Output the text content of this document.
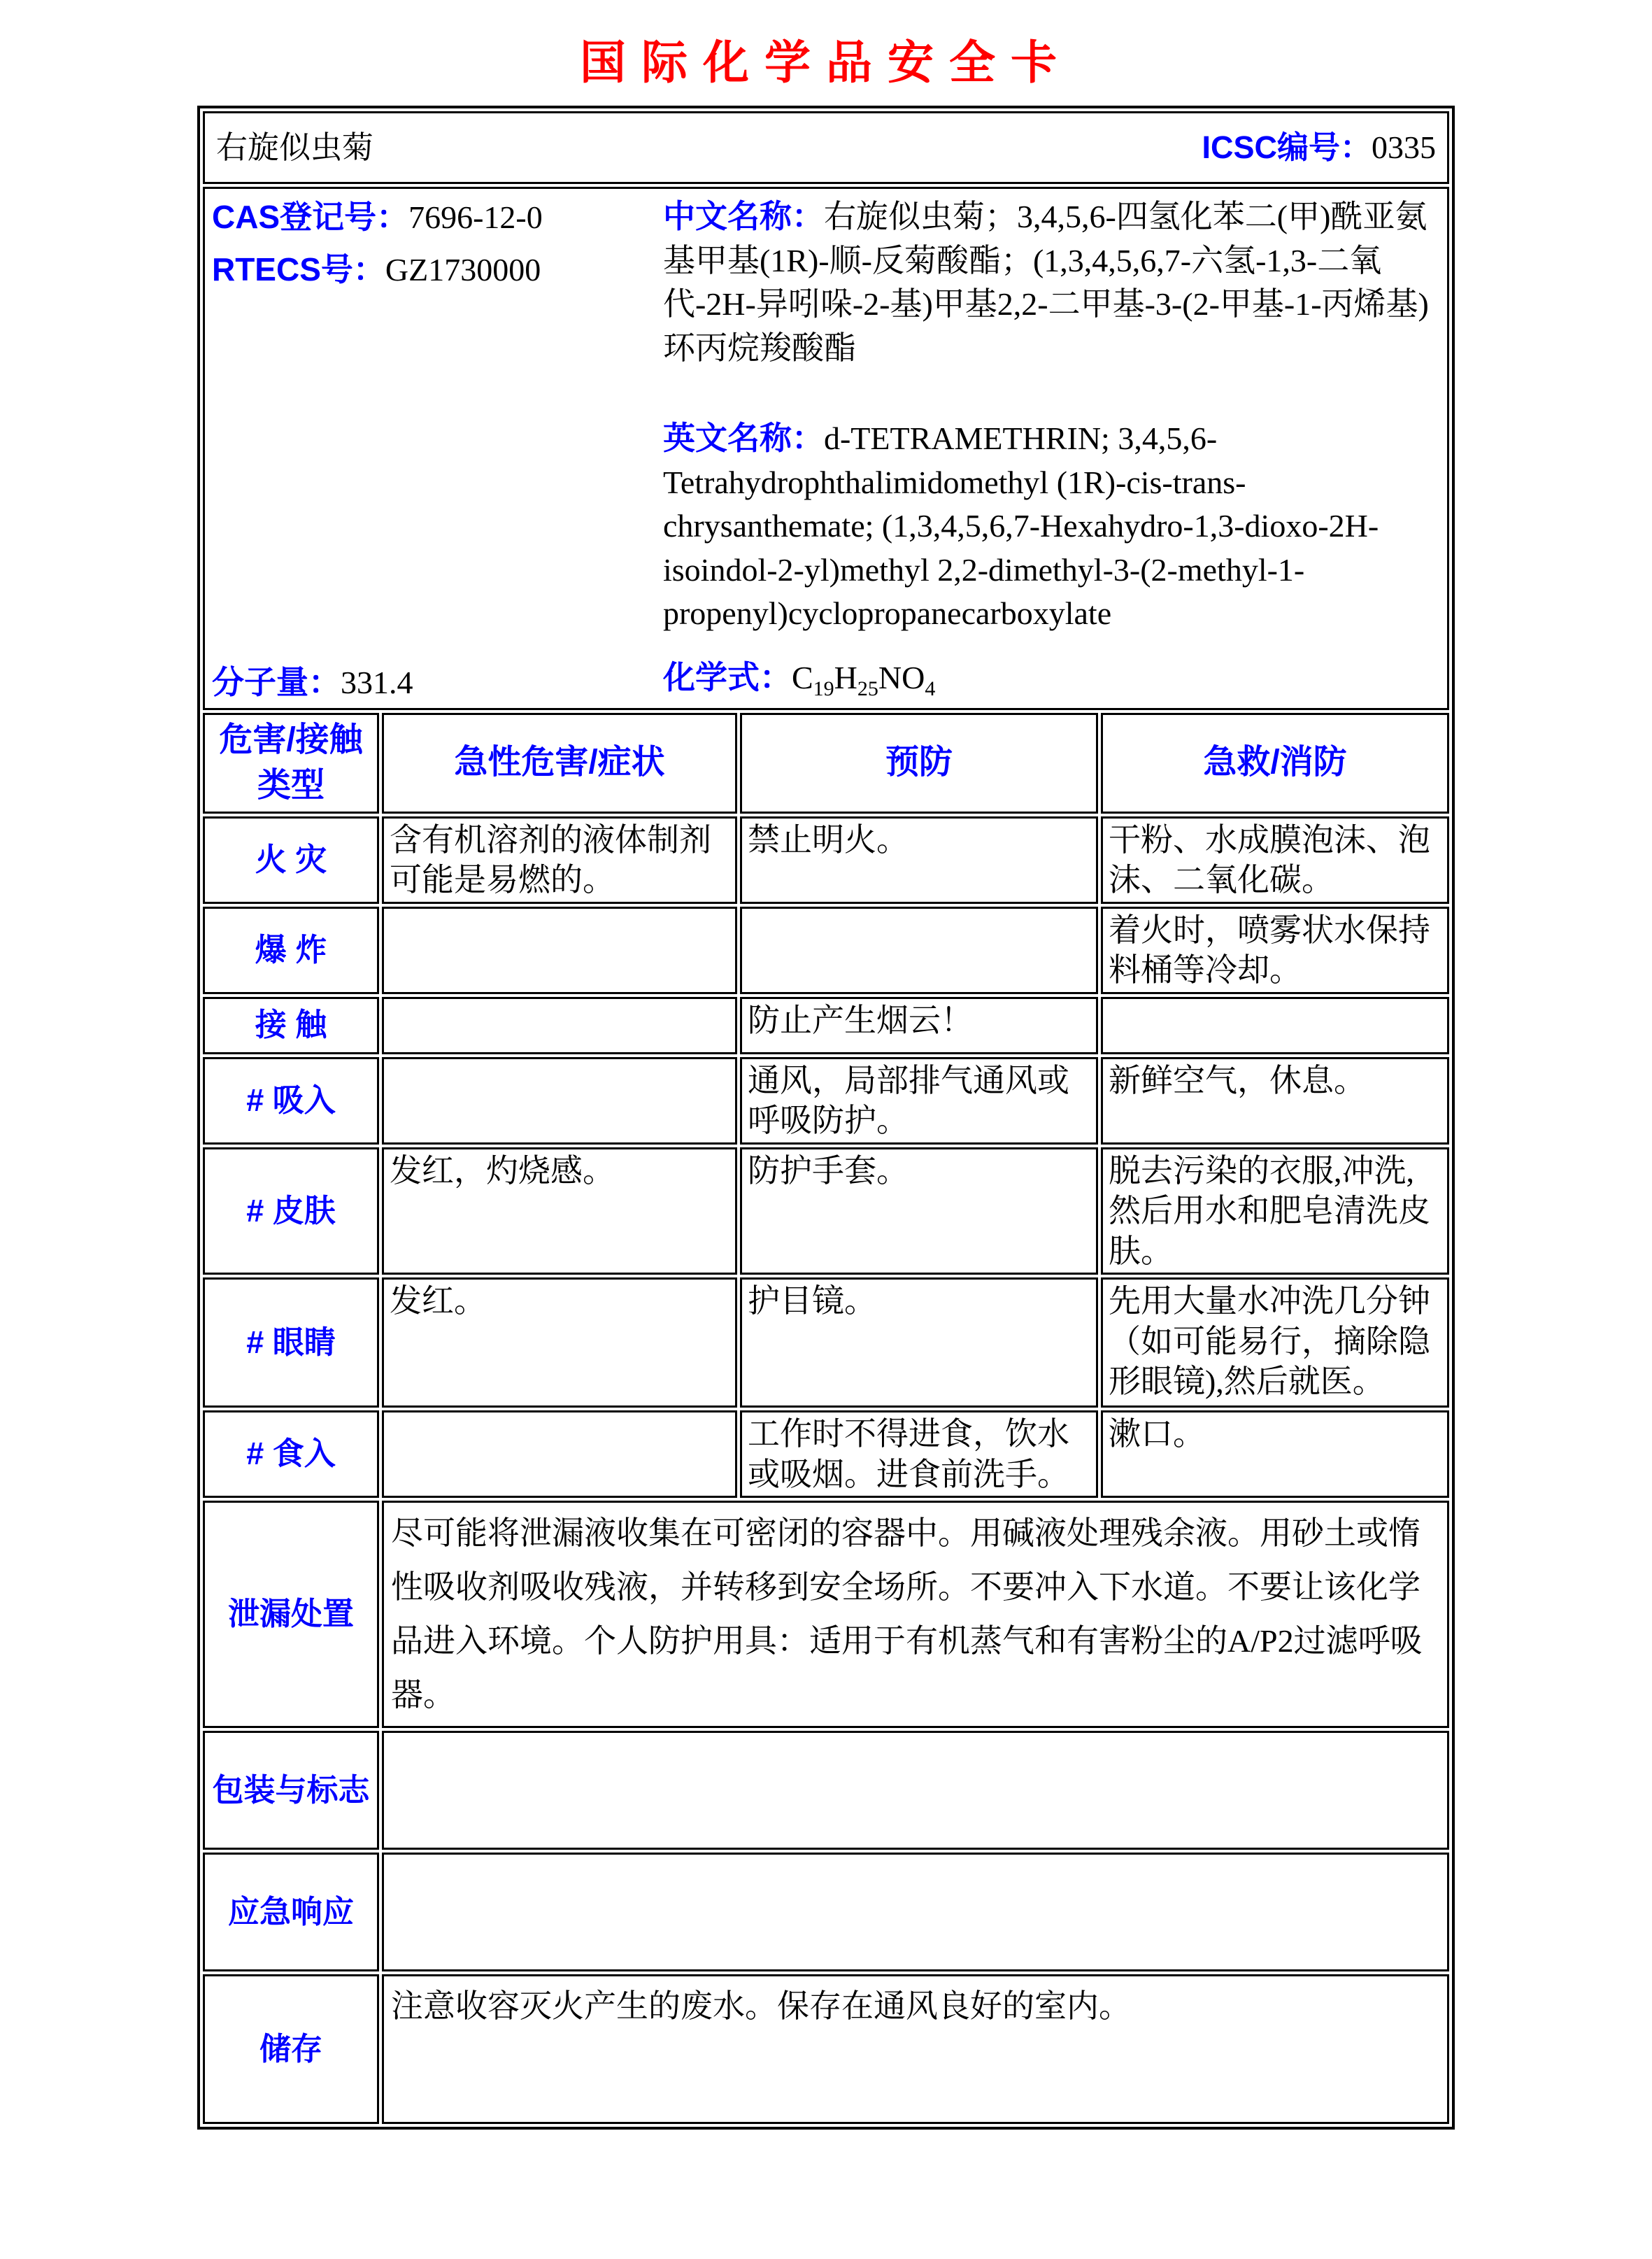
国际化学品安全卡
右旋似虫菊 ICSC编号：0335			

CAS登记号：7696-12-0
RTECS号：GZ1730000
分子量：331.4

中文名称：右旋似虫菊；3,4,5,6-四氢化苯二(甲)酰亚氨基甲基(1R)-顺-反菊酸酯；(1,3,4,5,6,7-六氢-1,3-二氧代-2H-异吲哚-2-基)甲基2,2-二甲基-3-(2-甲基-1-丙烯基)环丙烷羧酸酯

英文名称：d-TETRAMETHRIN; 3,4,5,6-Tetrahydrophthalimidomethyl (1R)-cis-trans-chrysanthemate; (1,3,4,5,6,7-Hexahydro-1,3-dioxo-2H-isoindol-2-yl)methyl 2,2-dimethyl-3-(2-methyl-1-propenyl)cyclopropanecarboxylate

化学式：$C_{19}H_{25}NO_4$

危害/接触类型	急性危害/症状	预防	急救/消防
火 灾	含有机溶剂的液体制剂可能是易燃的。	禁止明火。	干粉、水成膜泡沫、泡沫、二氧化碳。
爆 炸			着火时，喷雾状水保持料桶等冷却。
接 触		防止产生烟云！	
# 吸入		通风，局部排气通风或呼吸防护。	新鲜空气，休息。
# 皮肤	发红，灼烧感。	防护手套。	脱去污染的衣服,冲洗,然后用水和肥皂清洗皮肤。
# 眼睛	发红。	护目镜。	先用大量水冲洗几分钟（如可能易行，摘除隐形眼镜),然后就医。
# 食入		工作时不得进食，饮水或吸烟。进食前洗手。	漱口。
泄漏处置	尽可能将泄漏液收集在可密闭的容器中。用碱液处理残余液。用砂土或惰性吸收剂吸收残液，并转移到安全场所。不要冲入下水道。不要让该化学品进入环境。个人防护用具：适用于有机蒸气和有害粉尘的A/P2过滤呼吸器。		
包装与标志			
应急响应			
储存	注意收容灭火产生的废水。保存在通风良好的室内。		
